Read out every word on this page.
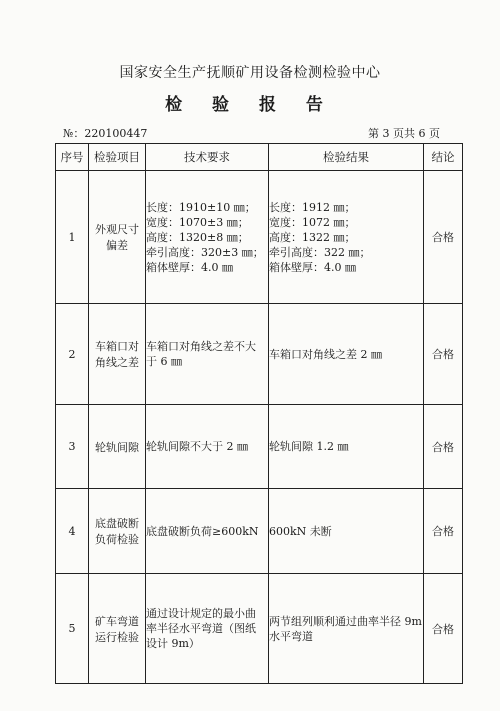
国家安全生产抚顺矿用设备检测检验中心
检 验 报 告
№：220100447	第 3 页共 6 页
序号	检验项目	技术要求	检验结果	结论
1	外观尺寸
偏差	长度：1910±10 ㎜；
宽度：1070±3 ㎜；
高度：1320±8 ㎜；
牵引高度：320±3 ㎜；
箱体壁厚：4.0 ㎜	长度：1912 ㎜；
宽度：1072 ㎜；
高度：1322 ㎜；
牵引高度：322 ㎜；
箱体壁厚：4.0 ㎜	合格
2	车箱口对
角线之差	车箱口对角线之差不大
于 6 ㎜	车箱口对角线之差 2 ㎜	合格
3	轮轨间隙	轮轨间隙不大于 2 ㎜	轮轨间隙 1.2 ㎜	合格
4	底盘破断
负荷检验	底盘破断负荷≥600kN	600kN 未断	合格
5	矿车弯道
运行检验	通过设计规定的最小曲
率半径水平弯道（图纸
设计 9m）	两节组列顺利通过曲率半径 9m
水平弯道	合格
